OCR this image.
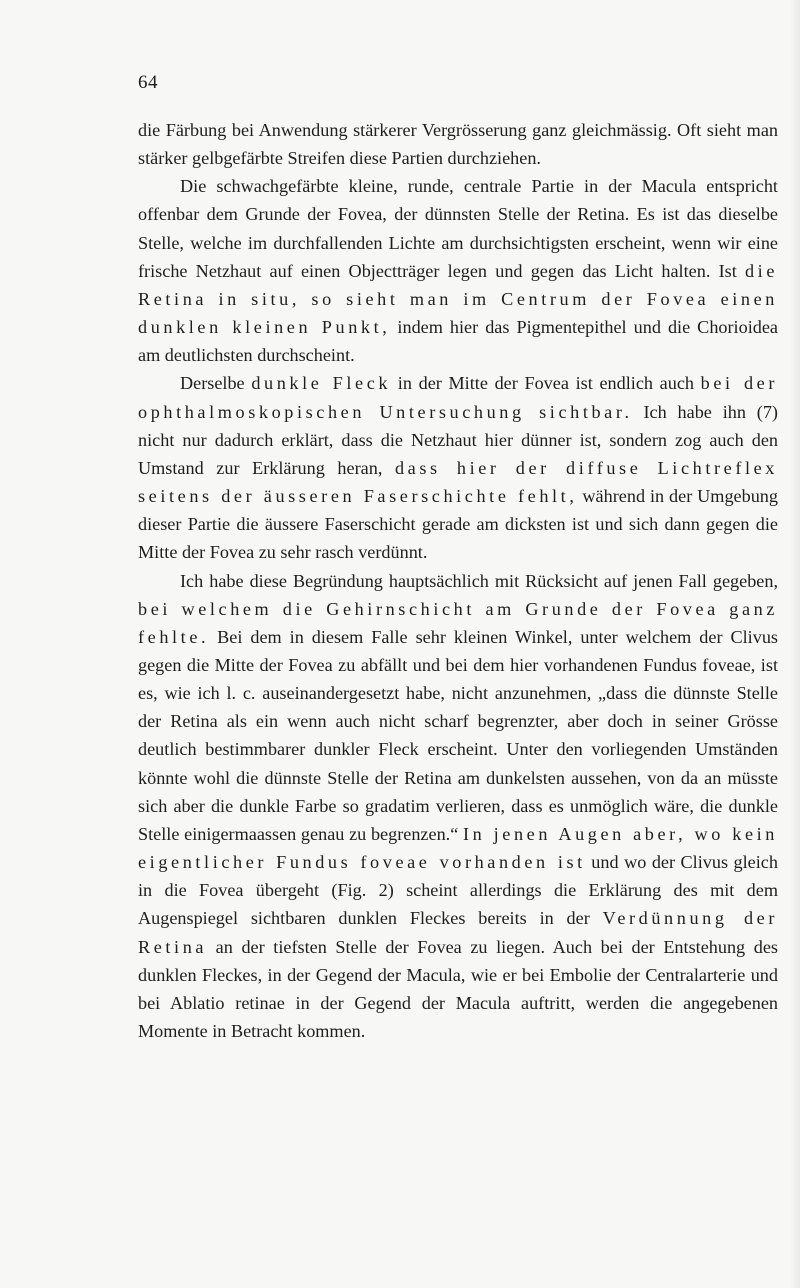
64

die Färbung bei Anwendung stärkerer Vergrösserung ganz gleichmässig. Oft sieht man stärker gelbgefärbte Streifen diese Partien durchziehen.

Die schwachgefärbte kleine, runde, centrale Partie in der Macula entspricht offenbar dem Grunde der Fovea, der dünnsten Stelle der Retina. Es ist das dieselbe Stelle, welche im durchfallenden Lichte am durchsichtigsten erscheint, wenn wir eine frische Netzhaut auf einen Objectträger legen und gegen das Licht halten. Ist die Retina in situ, so sieht man im Centrum der Fovea einen dunklen kleinen Punkt, indem hier das Pigmentepithel und die Chorioidea am deutlichsten durchscheint.

Derselbe dunkle Fleck in der Mitte der Fovea ist endlich auch bei der ophthalmoskopischen Untersuchung sichtbar. Ich habe ihn (7) nicht nur dadurch erklärt, dass die Netzhaut hier dünner ist, sondern zog auch den Umstand zur Erklärung heran, dass hier der diffuse Lichtreflex seitens der äusseren Faserschichte fehlt, während in der Umgebung dieser Partie die äussere Faserschicht gerade am dicksten ist und sich dann gegen die Mitte der Fovea zu sehr rasch verdünnt.

Ich habe diese Begründung hauptsächlich mit Rücksicht auf jenen Fall gegeben, bei welchem die Gehirnschicht am Grunde der Fovea ganz fehlte. Bei dem in diesem Falle sehr kleinen Winkel, unter welchem der Clivus gegen die Mitte der Fovea zu abfällt und bei dem hier vorhandenen Fundus foveae, ist es, wie ich l. c. auseinandergesetzt habe, nicht anzunehmen, „dass die dünnste Stelle der Retina als ein wenn auch nicht scharf begrenzter, aber doch in seiner Grösse deutlich bestimmbarer dunkler Fleck erscheint. Unter den vorliegenden Umständen könnte wohl die dünnste Stelle der Retina am dunkelsten aussehen, von da an müsste sich aber die dunkle Farbe so gradatim verlieren, dass es unmöglich wäre, die dunkle Stelle einigermaassen genau zu begrenzen.“ In jenen Augen aber, wo kein eigentlicher Fundus foveae vorhanden ist und wo der Clivus gleich in die Fovea übergeht (Fig. 2) scheint allerdings die Erklärung des mit dem Augenspiegel sichtbaren dunklen Fleckes bereits in der Verdünnung der Retina an der tiefsten Stelle der Fovea zu liegen. Auch bei der Entstehung des dunklen Fleckes, in der Gegend der Macula, wie er bei Embolie der Centralarterie und bei Ablatio retinae in der Gegend der Macula auftritt, werden die angegebenen Momente in Betracht kommen.
